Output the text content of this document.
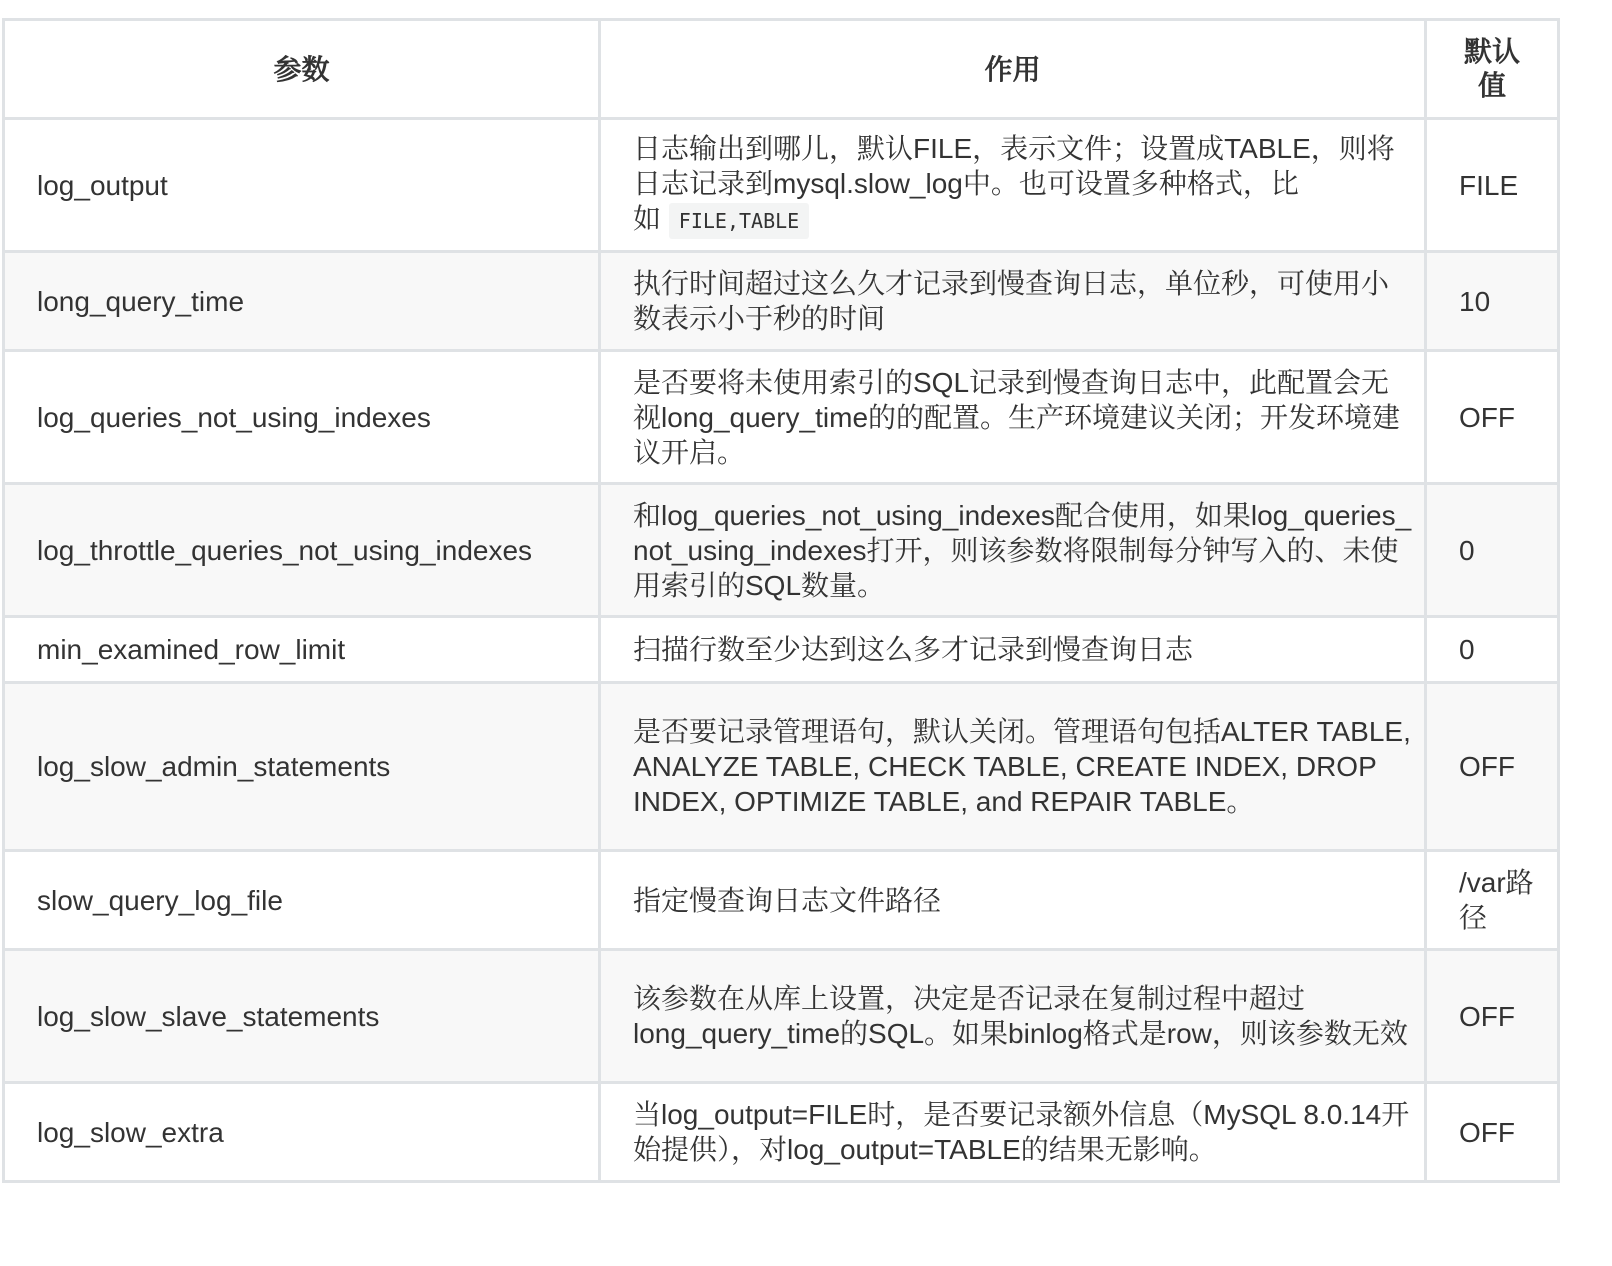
参数	作用	默认值

log_output	日志输出到哪儿，默认FILE，表示文件；设置成TABLE，则将日志记录到mysql.slow_log中。也可设置多种格式，比如 FILE,TABLE	FILE
long_query_time	执行时间超过这么久才记录到慢查询日志，单位秒，可使用小数表示小于秒的时间	10
log_queries_not_using_indexes	是否要将未使用索引的SQL记录到慢查询日志中，此配置会无视long_query_time的的配置。生产环境建议关闭；开发环境建议开启。	OFF
log_throttle_queries_not_using_indexes	和log_queries_not_using_indexes配合使用，如果log_queries_not_using_indexes打开，则该参数将限制每分钟写入的、未使用索引的SQL数量。	0
min_examined_row_limit	扫描行数至少达到这么多才记录到慢查询日志	0
log_slow_admin_statements	是否要记录管理语句，默认关闭。管理语句包括ALTER TABLE, ANALYZE TABLE, CHECK TABLE, CREATE INDEX, DROP INDEX, OPTIMIZE TABLE, and REPAIR TABLE。	OFF
slow_query_log_file	指定慢查询日志文件路径	/var路径
log_slow_slave_statements	该参数在从库上设置，决定是否记录在复制过程中超过long_query_time的SQL。如果binlog格式是row，则该参数无效	OFF
log_slow_extra	当log_output=FILE时，是否要记录额外信息（MySQL 8.0.14开始提供），对log_output=TABLE的结果无影响。	OFF
